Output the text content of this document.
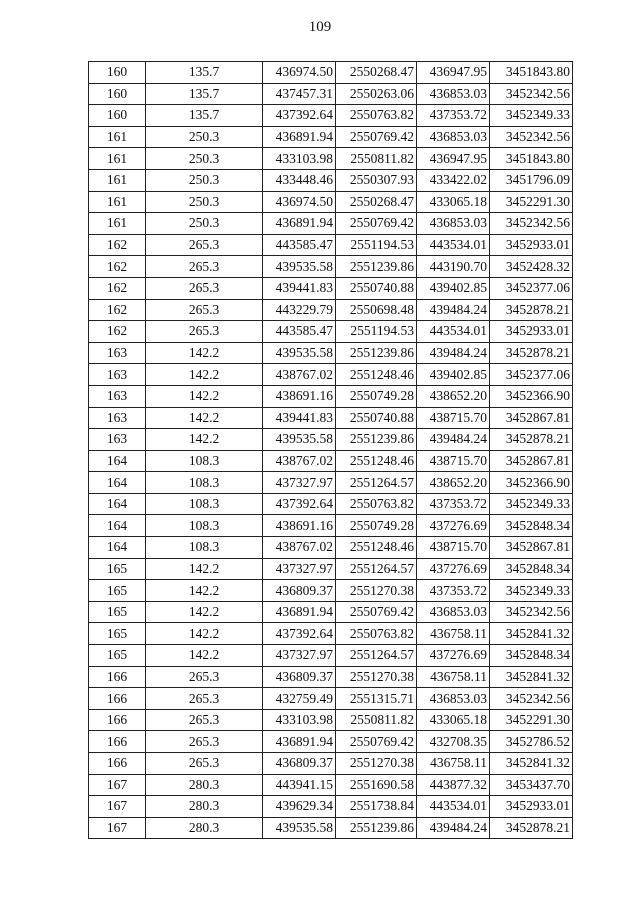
109
160	135.7	436974.50	2550268.47	436947.95	3451843.80
160	135.7	437457.31	2550263.06	436853.03	3452342.56
160	135.7	437392.64	2550763.82	437353.72	3452349.33
161	250.3	436891.94	2550769.42	436853.03	3452342.56
161	250.3	433103.98	2550811.82	436947.95	3451843.80
161	250.3	433448.46	2550307.93	433422.02	3451796.09
161	250.3	436974.50	2550268.47	433065.18	3452291.30
161	250.3	436891.94	2550769.42	436853.03	3452342.56
162	265.3	443585.47	2551194.53	443534.01	3452933.01
162	265.3	439535.58	2551239.86	443190.70	3452428.32
162	265.3	439441.83	2550740.88	439402.85	3452377.06
162	265.3	443229.79	2550698.48	439484.24	3452878.21
162	265.3	443585.47	2551194.53	443534.01	3452933.01
163	142.2	439535.58	2551239.86	439484.24	3452878.21
163	142.2	438767.02	2551248.46	439402.85	3452377.06
163	142.2	438691.16	2550749.28	438652.20	3452366.90
163	142.2	439441.83	2550740.88	438715.70	3452867.81
163	142.2	439535.58	2551239.86	439484.24	3452878.21
164	108.3	438767.02	2551248.46	438715.70	3452867.81
164	108.3	437327.97	2551264.57	438652.20	3452366.90
164	108.3	437392.64	2550763.82	437353.72	3452349.33
164	108.3	438691.16	2550749.28	437276.69	3452848.34
164	108.3	438767.02	2551248.46	438715.70	3452867.81
165	142.2	437327.97	2551264.57	437276.69	3452848.34
165	142.2	436809.37	2551270.38	437353.72	3452349.33
165	142.2	436891.94	2550769.42	436853.03	3452342.56
165	142.2	437392.64	2550763.82	436758.11	3452841.32
165	142.2	437327.97	2551264.57	437276.69	3452848.34
166	265.3	436809.37	2551270.38	436758.11	3452841.32
166	265.3	432759.49	2551315.71	436853.03	3452342.56
166	265.3	433103.98	2550811.82	433065.18	3452291.30
166	265.3	436891.94	2550769.42	432708.35	3452786.52
166	265.3	436809.37	2551270.38	436758.11	3452841.32
167	280.3	443941.15	2551690.58	443877.32	3453437.70
167	280.3	439629.34	2551738.84	443534.01	3452933.01
167	280.3	439535.58	2551239.86	439484.24	3452878.21
